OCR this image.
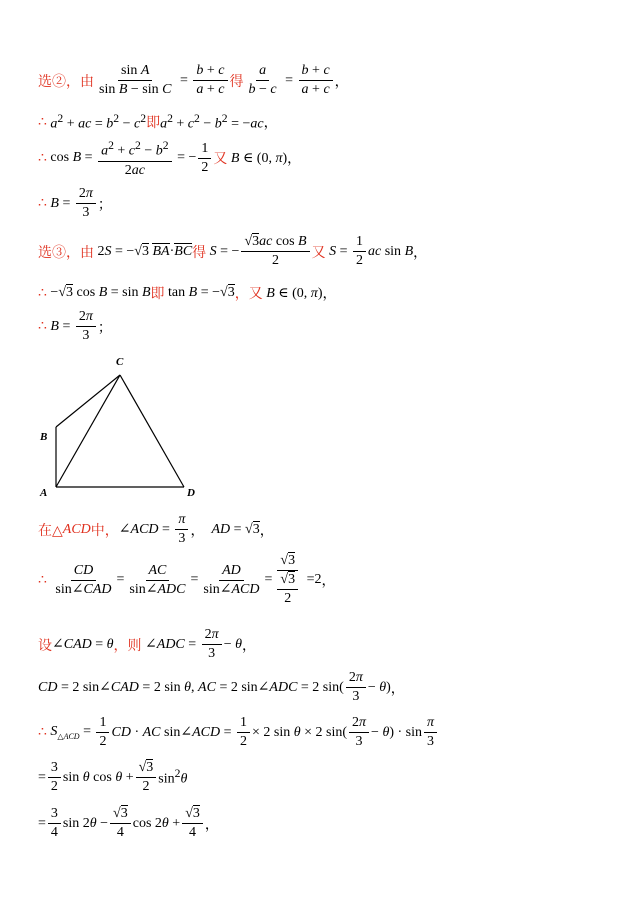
选②，由 $\frac{\text{sin A}}{\text{sin B − sin C}} = \frac{b + c}{a + c}$ 得 $\frac{a}{b - c} = \frac{b + c}{a + c}$ ，
∴
$a^2$ + ac = $b^2 - c^2$ 即 $a^2 + c^2 - b^2 = -ac$ ，
∴
$\cos B = \frac{a^2 + c^2 - b^2}{2ac}$ = − $\frac{1}{2}$ 又 B ∈ (0, π) ，
∴
$B = \frac{2\pi}{3}$ ；
选③，由 2S = −√3 BA·BC 得 S = − $\frac{\text{√3ac cos B}}{2}$ 又 $S = \frac{1}{2}$ ac sin B ，
∴
−√3 cos B = sin B 即 tan B = −√3 ，又 B ∈ (0, π) ，
∴
$B = \frac{2\pi}{3}$ ；
C
B
A	D
在△ ACD 中， ∠ACD = $\frac{\pi}{3}$ ， AD = √3 ，
∴
$\frac{CD}{\text{sin∠CAD}} = \frac{AC}{\text{sin∠ADC}} = \frac{AD}{\text{sin∠ACD}} = \frac{√3}{\frac{√3}{2}} =2$ ，
设 ∠CAD = θ ，则 ∠ADC = $\frac{2\pi}{3} - \theta$ ，
CD = 2 sin∠CAD = 2 sin θ, AC = 2 sin∠ADC = 2 $\sin( \frac{2\pi}{3} - \theta)$ ，
∴
$S_{\triangle ACD} = \frac{1}{2}$ CD · AC sin∠ACD = $\frac{1}{2} \times 2$ sin θ × 2 $\sin( \frac{2\pi}{3} - \theta) \cdot \sin \frac{\pi}{3}$
= $\frac{3}{2}$ sin θ $\cos \theta + \frac{√3}{2} \sin^2\theta$
= $\frac{3}{4}$ $\sin 2\theta - \frac{√3}{4}$ $\cos 2\theta + \frac{√3}{4}$ ，
